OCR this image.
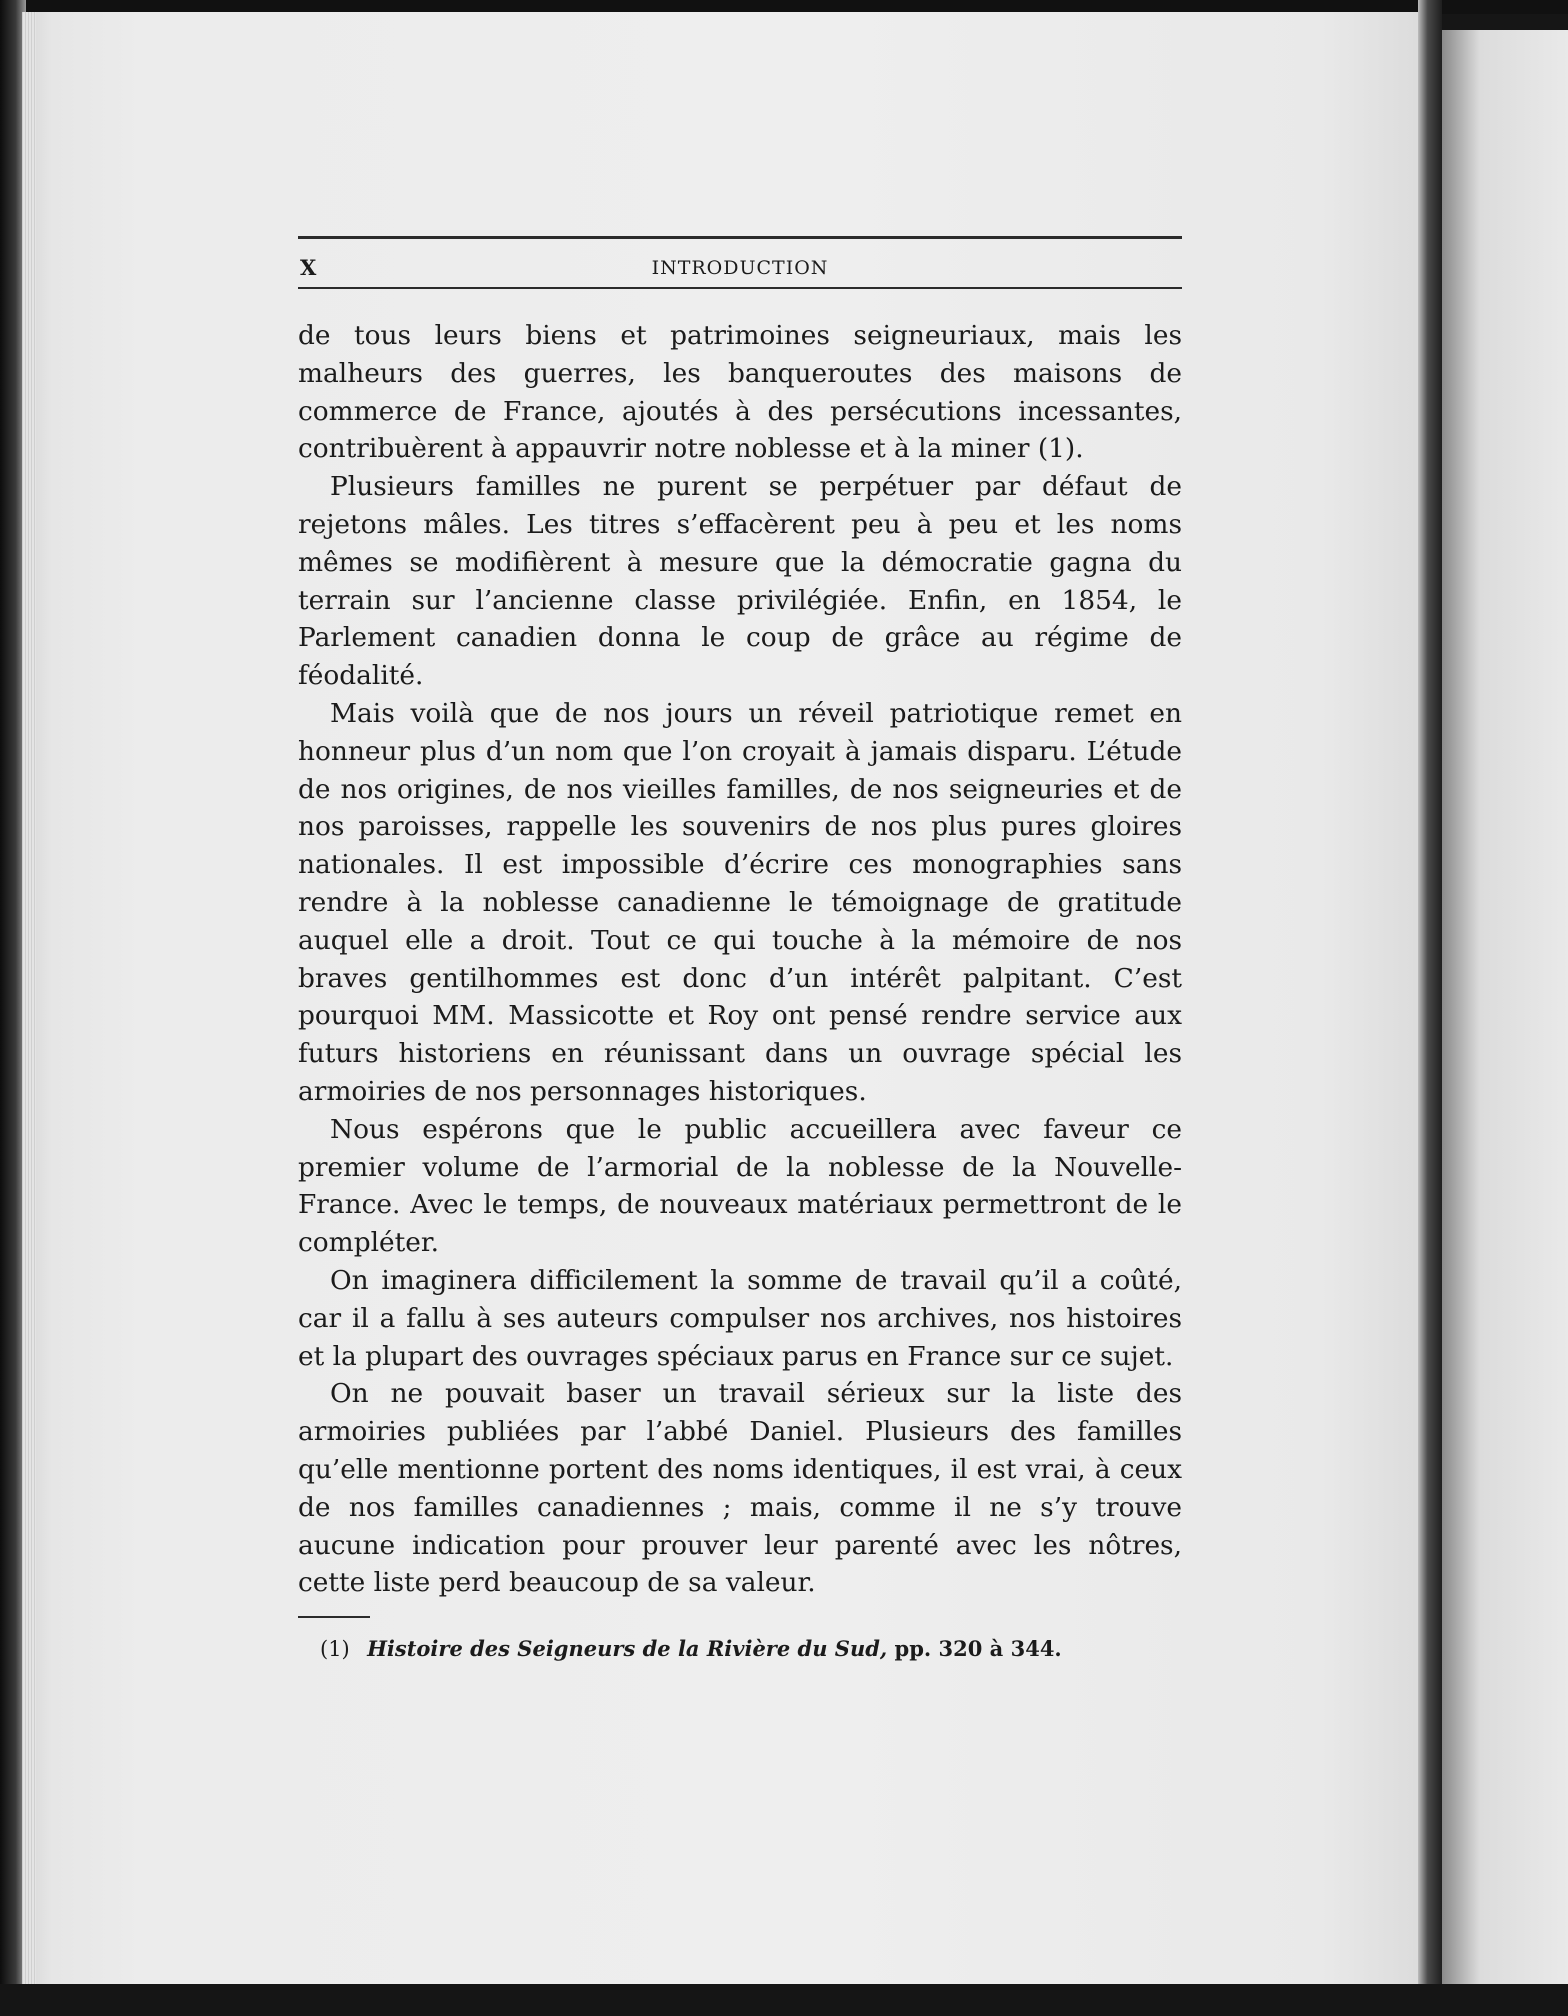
X	INTRODUCTION

de tous leurs biens et patrimoines seigneuriaux, mais les malheurs des guerres, les banqueroutes des maisons de commerce de France, ajoutés à des persécutions incessantes, contribuèrent à appauvrir notre noblesse et à la miner (1).

Plusieurs familles ne purent se perpétuer par défaut de rejetons mâles. Les titres s’effacèrent peu à peu et les noms mêmes se modifièrent à mesure que la démocratie gagna du terrain sur l’ancienne classe privilégiée. Enfin, en 1854, le Parlement canadien donna le coup de grâce au régime de féodalité.

Mais voilà que de nos jours un réveil patriotique remet en honneur plus d’un nom que l’on croyait à jamais disparu. L’étude de nos origines, de nos vieilles familles, de nos seigneuries et de nos paroisses, rappelle les souvenirs de nos plus pures gloires nationales. Il est impossible d’écrire ces monographies sans rendre à la noblesse canadienne le témoignage de gratitude auquel elle a droit. Tout ce qui touche à la mémoire de nos braves gentilhommes est donc d’un intérêt palpitant. C’est pourquoi MM. Massicotte et Roy ont pensé rendre service aux futurs historiens en réunissant dans un ouvrage spécial les armoiries de nos personnages historiques.

Nous espérons que le public accueillera avec faveur ce premier volume de l’armorial de la noblesse de la Nouvelle-France. Avec le temps, de nouveaux matériaux permettront de le compléter.

On imaginera difficilement la somme de travail qu’il a coûté, car il a fallu à ses auteurs compulser nos archives, nos histoires et la plupart des ouvrages spéciaux parus en France sur ce sujet.

On ne pouvait baser un travail sérieux sur la liste des armoiries publiées par l’abbé Daniel. Plusieurs des familles qu’elle mentionne portent des noms identiques, il est vrai, à ceux de nos familles canadiennes ; mais, comme il ne s’y trouve aucune indication pour prouver leur parenté avec les nôtres, cette liste perd beaucoup de sa valeur.

(1) Histoire des Seigneurs de la Rivière du Sud, pp. 320 à 344.
